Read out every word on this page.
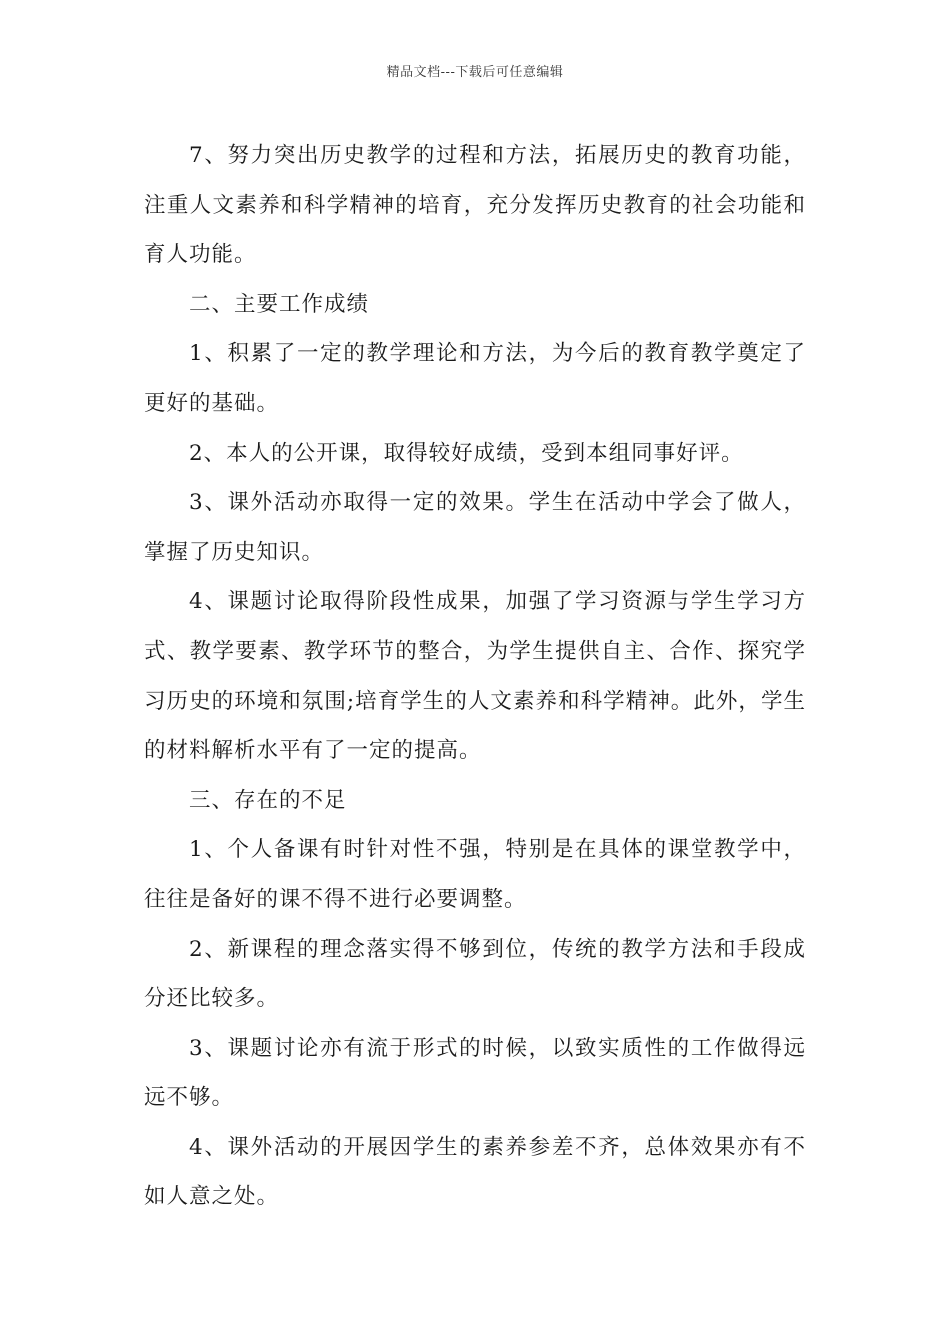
精品文档---下载后可任意编辑

7、努力突出历史教学的过程和方法，拓展历史的教育功能，注重人文素养和科学精神的培育，充分发挥历史教育的社会功能和育人功能。

二、主要工作成绩

1、积累了一定的教学理论和方法，为今后的教育教学奠定了更好的基础。

2、本人的公开课，取得较好成绩，受到本组同事好评。

3、课外活动亦取得一定的效果。学生在活动中学会了做人，掌握了历史知识。

4、课题讨论取得阶段性成果，加强了学习资源与学生学习方式、教学要素、教学环节的整合，为学生提供自主、合作、探究学习历史的环境和氛围;培育学生的人文素养和科学精神。此外，学生的材料解析水平有了一定的提高。

三、存在的不足

1、个人备课有时针对性不强，特别是在具体的课堂教学中，往往是备好的课不得不进行必要调整。

2、新课程的理念落实得不够到位，传统的教学方法和手段成分还比较多。

3、课题讨论亦有流于形式的时候，以致实质性的工作做得远远不够。

4、课外活动的开展因学生的素养参差不齐，总体效果亦有不如人意之处。
